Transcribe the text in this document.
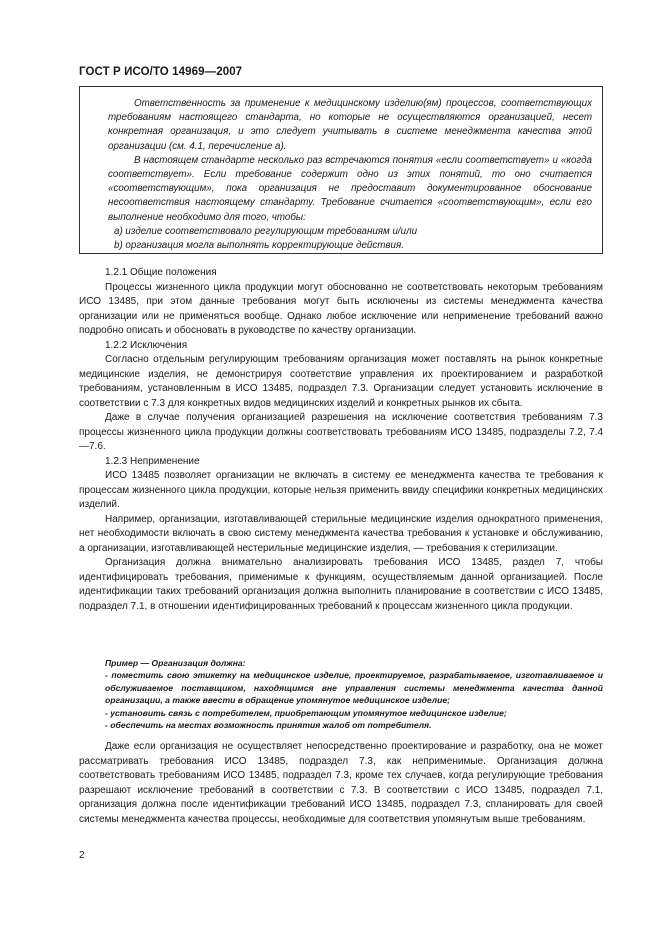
ГОСТ Р ИСО/ТО 14969—2007

Ответственность за применение к медицинскому изделию(ям) процессов, соответствующих требованиям настоящего стандарта, но которые не осуществляются организацией, несет конкретная организация, и это следует учитывать в системе менеджмента качества этой организации (см. 4.1, перечисление а).

В настоящем стандарте несколько раз встречаются понятия «если соответствует» и «когда соответствует». Если требование содержит одно из этих понятий, то оно считается «соответствующим», пока организация не предоставит документированное обоснование несоответствия настоящему стандарту. Требование считается «соответствующим», если его выполнение необходимо для того, чтобы:

a) изделие соответствовало регулирующим требованиям и/или

b) организация могла выполнять корректирующие действия.

1.2.1 Общие положения

Процессы жизненного цикла продукции могут обоснованно не соответствовать некоторым требованиям ИСО 13485, при этом данные требования могут быть исключены из системы менеджмента качества организации или не применяться вообще. Однако любое исключение или неприменение требований важно подробно описать и обосновать в руководстве по качеству организации.

1.2.2 Исключения

Согласно отдельным регулирующим требованиям организация может поставлять на рынок конкретные медицинские изделия, не демонстрируя соответствие управления их проектированием и разработкой требованиям, установленным в ИСО 13485, подраздел 7.3. Организации следует установить исключение в соответствии с 7.3 для конкретных видов медицинских изделий и конкретных рынков их сбыта.

Даже в случае получения организацией разрешения на исключение соответствия требованиям 7.3 процессы жизненного цикла продукции должны соответствовать требованиям ИСО 13485, подразделы 7.2, 7.4—7.6.

1.2.3 Неприменение

ИСО 13485 позволяет организации не включать в систему ее менеджмента качества те требования к процессам жизненного цикла продукции, которые нельзя применить ввиду специфики конкретных медицинских изделий.

Например, организации, изготавливающей стерильные медицинские изделия однократного применения, нет необходимости включать в свою систему менеджмента качества требования к установке и обслуживанию, а организации, изготавливающей нестерильные медицинские изделия, — требования к стерилизации.

Организация должна внимательно анализировать требования ИСО 13485, раздел 7, чтобы идентифицировать требования, применимые к функциям, осуществляемым данной организацией. После идентификации таких требований организация должна выполнить планирование в соответствии с ИСО 13485, подраздел 7.1, в отношении идентифицированных требований к процессам жизненного цикла продукции.

Пример — Организация должна:

- поместить свою этикетку на медицинское изделие, проектируемое, разрабатываемое, изготавливаемое и обслуживаемое поставщиком, находящимся вне управления системы менеджмента качества данной организации, а также ввести в обращение упомянутое медицинское изделие;

- установить связь с потребителем, приобретающим упомянутое медицинское изделие;

- обеспечить на местах возможность принятия жалоб от потребителя.

Даже если организация не осуществляет непосредственно проектирование и разработку, она не может рассматривать требования ИСО 13485, подраздел 7.3, как неприменимые. Организация должна соответствовать требованиям ИСО 13485, подраздел 7.3, кроме тех случаев, когда регулирующие требования разрешают исключение требований в соответствии с 7.3. В соответствии с ИСО 13485, подраздел 7.1, организация должна после идентификации требований ИСО 13485, подраздел 7.3, спланировать для своей системы менеджмента качества процессы, необходимые для соответствия упомянутым выше требованиям.

2
